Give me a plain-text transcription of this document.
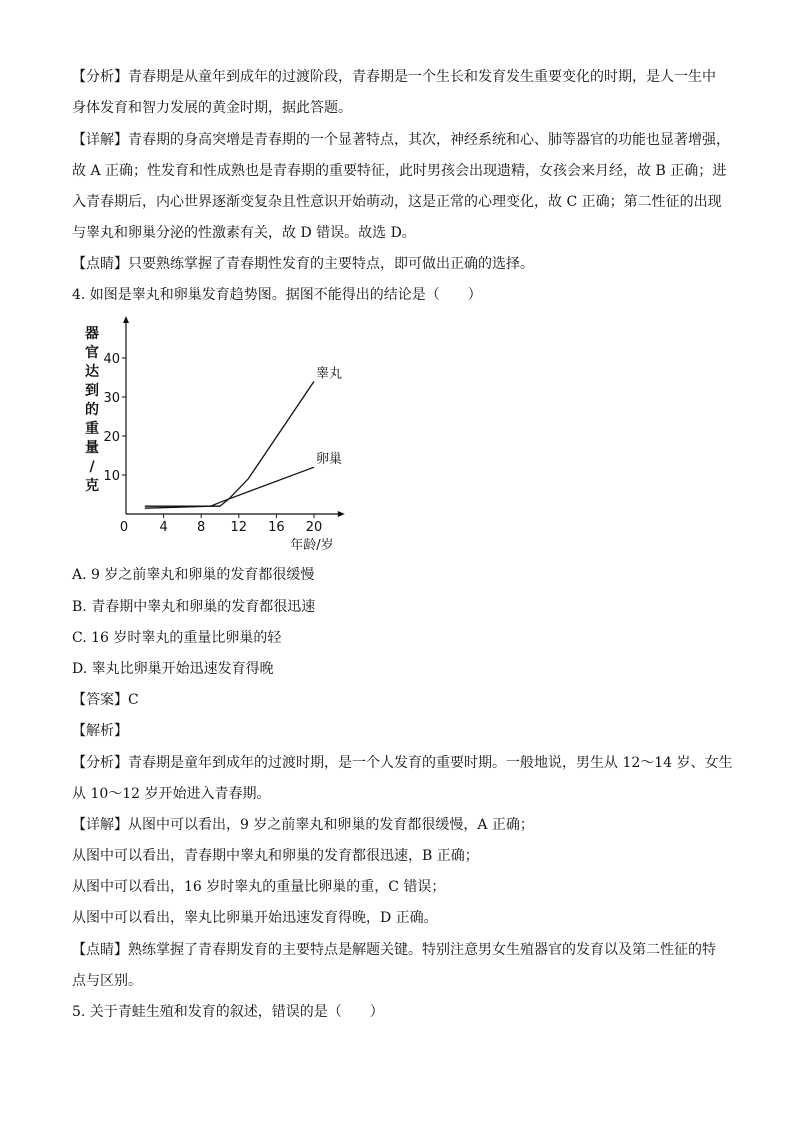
【分析】青春期是从童年到成年的过渡阶段，青春期是一个生长和发育发生重要变化的时期，是人一生中
身体发育和智力发展的黄金时期，据此答题。
【详解】青春期的身高突增是青春期的一个显著特点，其次，神经系统和心、肺等器官的功能也显著增强，
故 A 正确；性发育和性成熟也是青春期的重要特征，此时男孩会出现遗精，女孩会来月经，故 B 正确；进
入青春期后，内心世界逐渐变复杂且性意识开始萌动，这是正常的心理变化，故 C 正确；第二性征的出现
与睾丸和卵巢分泌的性激素有关，故 D 错误。故选 D。
【点睛】只要熟练掌握了青春期性发育的主要特点，即可做出正确的选择。
4. 如图是睾丸和卵巢发育趋势图。据图不能得出的结论是（　　）
10
20
30
40
0 4 8 12 16 20
年龄/岁
器
官
达
到
的
重
量
/
克
睾丸
卵巢
A. 9 岁之前睾丸和卵巢的发育都很缓慢
B. 青春期中睾丸和卵巢的发育都很迅速
C. 16 岁时睾丸的重量比卵巢的轻
D. 睾丸比卵巢开始迅速发育得晚
【答案】C
【解析】
【分析】青春期是童年到成年的过渡时期，是一个人发育的重要时期。一般地说，男生从 12～14 岁、女生
从 10～12 岁开始进入青春期。
【详解】从图中可以看出，9 岁之前睾丸和卵巢的发育都很缓慢，A 正确；
从图中可以看出，青春期中睾丸和卵巢的发育都很迅速，B 正确；
从图中可以看出，16 岁时睾丸的重量比卵巢的重，C 错误；
从图中可以看出，睾丸比卵巢开始迅速发育得晚，D 正确。
【点睛】熟练掌握了青春期发育的主要特点是解题关键。特别注意男女生殖器官的发育以及第二性征的特
点与区别。
5. 关于青蛙生殖和发育的叙述，错误的是（　　）
